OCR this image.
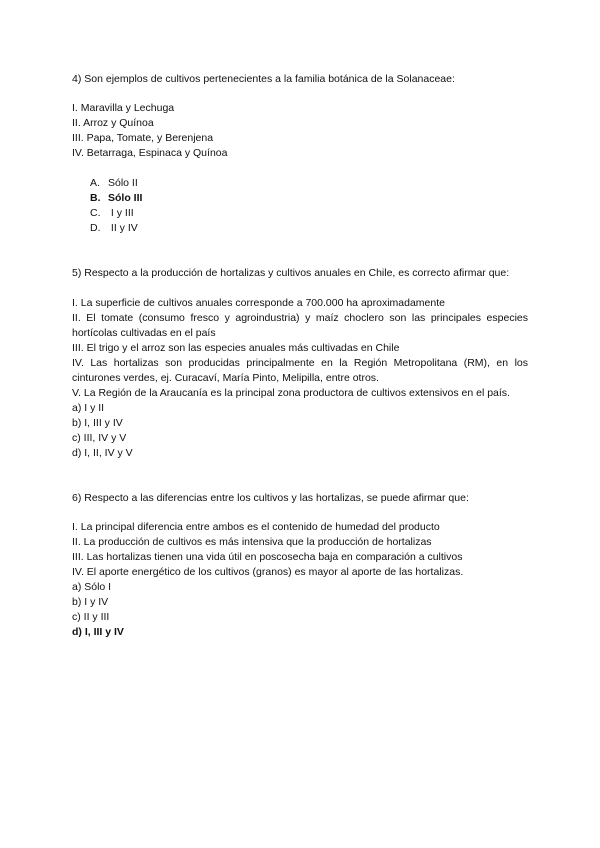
4) Son ejemplos de cultivos pertenecientes a la familia botánica de la Solanaceae:

I. Maravilla y Lechuga

II. Arroz y Quínoa

III. Papa, Tomate, y Berenjena

IV. Betarraga, Espinaca y Quínoa

A. Sólo II
B. Sólo III
C. I y III
D. II y IV

5) Respecto a la producción de hortalizas y cultivos anuales en Chile, es correcto afirmar que:

I. La superficie de cultivos anuales corresponde a 700.000 ha aproximadamente

II. El tomate (consumo fresco y agroindustria) y maíz choclero son las principales especies hortícolas cultivadas en el país

III. El trigo y el arroz son las especies anuales más cultivadas en Chile

IV. Las hortalizas son producidas principalmente en la Región Metropolitana (RM), en los cinturones verdes, ej. Curacaví, María Pinto, Melipilla, entre otros.

V. La Región de la Araucanía es la principal zona productora de cultivos extensivos en el país.

a) I y II
b) I, III y IV
c) III, IV y V
d) I, II, IV y V

6) Respecto a las diferencias entre los cultivos y las hortalizas, se puede afirmar que:

I. La principal diferencia entre ambos es el contenido de humedad del producto

II. La producción de cultivos es más intensiva que la producción de hortalizas

III. Las hortalizas tienen una vida útil en poscosecha baja en comparación a cultivos

IV. El aporte energético de los cultivos (granos) es mayor al aporte de las hortalizas.

a) Sólo I
b) I y IV
c) II y III
d) I, III y IV
